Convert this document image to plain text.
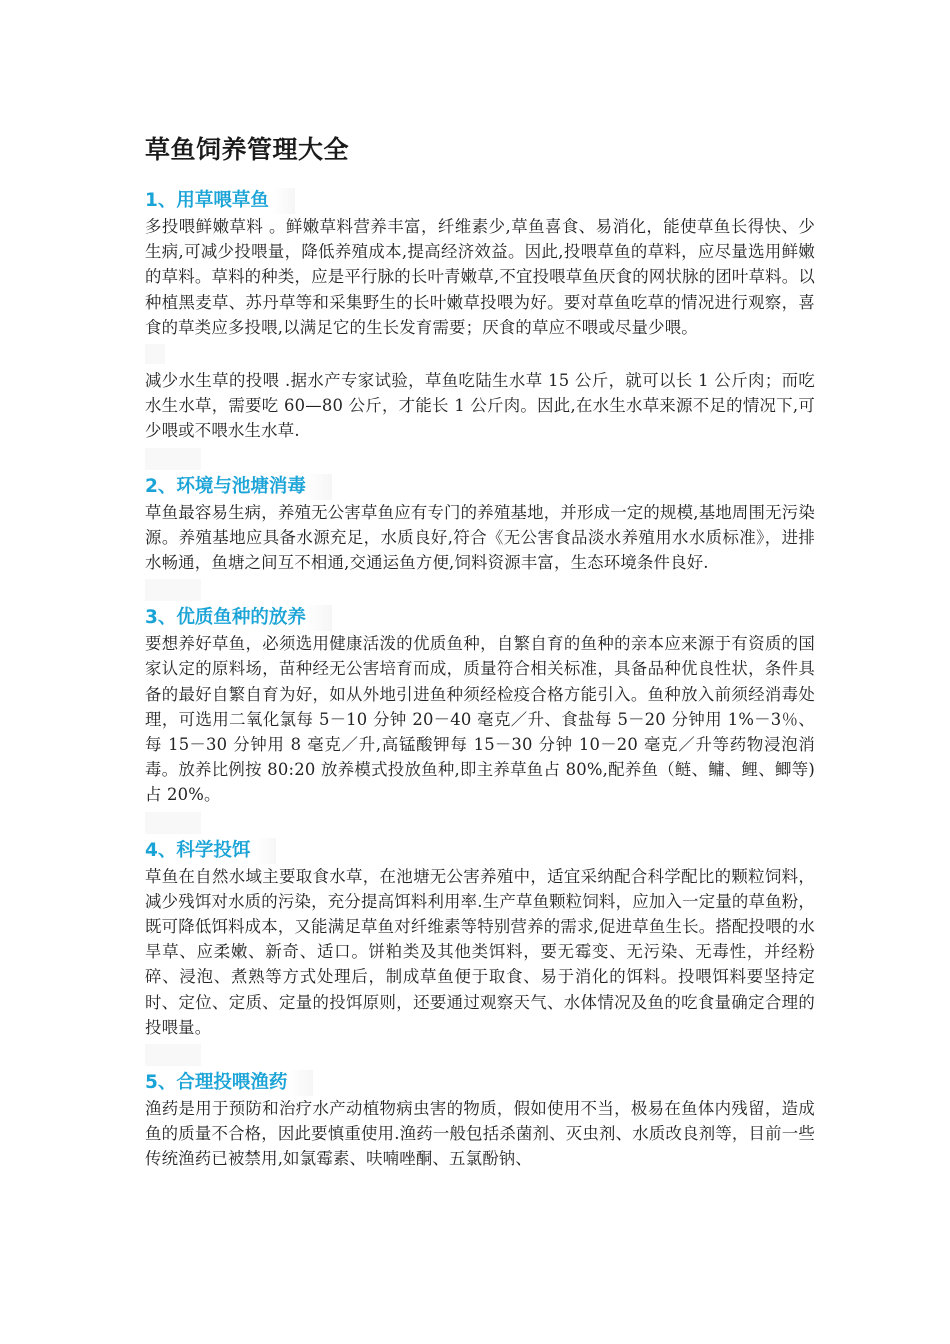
草鱼饲养管理大全
1、用草喂草鱼

多投喂鲜嫩草料 。鲜嫩草料营养丰富，纤维素少,草鱼喜食、易消化，能使草鱼长得快、少生病,可减少投喂量，降低养殖成本,提高经济效益。因此,投喂草鱼的草料，应尽量选用鲜嫩的草料。草料的种类，应是平行脉的长叶青嫩草,不宜投喂草鱼厌食的网状脉的团叶草料。以种植黑麦草、苏丹草等和采集野生的长叶嫩草投喂为好。要对草鱼吃草的情况进行观察，喜食的草类应多投喂,以满足它的生长发育需要；厌食的草应不喂或尽量少喂。

减少水生草的投喂 .据水产专家试验，草鱼吃陆生水草 15 公斤，就可以长 1 公斤肉；而吃水生水草，需要吃 60—80 公斤，才能长 1 公斤肉。因此,在水生水草来源不足的情况下,可少喂或不喂水生水草.

2、环境与池塘消毒

草鱼最容易生病，养殖无公害草鱼应有专门的养殖基地，并形成一定的规模,基地周围无污染源。养殖基地应具备水源充足，水质良好,符合《无公害食品淡水养殖用水水质标准》，进排水畅通，鱼塘之间互不相通,交通运鱼方便,饲料资源丰富，生态环境条件良好.

3、优质鱼种的放养

要想养好草鱼，必须选用健康活泼的优质鱼种，自繁自育的鱼种的亲本应来源于有资质的国家认定的原料场，苗种经无公害培育而成，质量符合相关标准，具备品种优良性状，条件具备的最好自繁自育为好，如从外地引进鱼种须经检疫合格方能引入。鱼种放入前须经消毒处理，可选用二氧化氯每 5－10 分钟 20－40 毫克／升、食盐每 5－20 分钟用 1%－3％、每 15－30 分钟用 8 毫克／升,高锰酸钾每 15－30 分钟 10－20 毫克／升等药物浸泡消毒。放养比例按 80:20 放养模式投放鱼种,即主养草鱼占 80%,配养鱼（鲢、鳙、鲤、鲫等)占 20%。

4、科学投饵

草鱼在自然水域主要取食水草，在池塘无公害养殖中，适宜采纳配合科学配比的颗粒饲料，减少残饵对水质的污染，充分提高饵料利用率.生产草鱼颗粒饲料，应加入一定量的草鱼粉，既可降低饵料成本，又能满足草鱼对纤维素等特别营养的需求,促进草鱼生长。搭配投喂的水旱草、应柔嫩、新奇、适口。饼粕类及其他类饵料，要无霉变、无污染、无毒性，并经粉碎、浸泡、煮熟等方式处理后，制成草鱼便于取食、易于消化的饵料。投喂饵料要坚持定时、定位、定质、定量的投饵原则，还要通过观察天气、水体情况及鱼的吃食量确定合理的投喂量。

5、合理投喂渔药

渔药是用于预防和治疗水产动植物病虫害的物质，假如使用不当，极易在鱼体内残留，造成鱼的质量不合格，因此要慎重使用.渔药一般包括杀菌剂、灭虫剂、水质改良剂等，目前一些传统渔药已被禁用,如氯霉素、呋喃唑酮、五氯酚钠、
